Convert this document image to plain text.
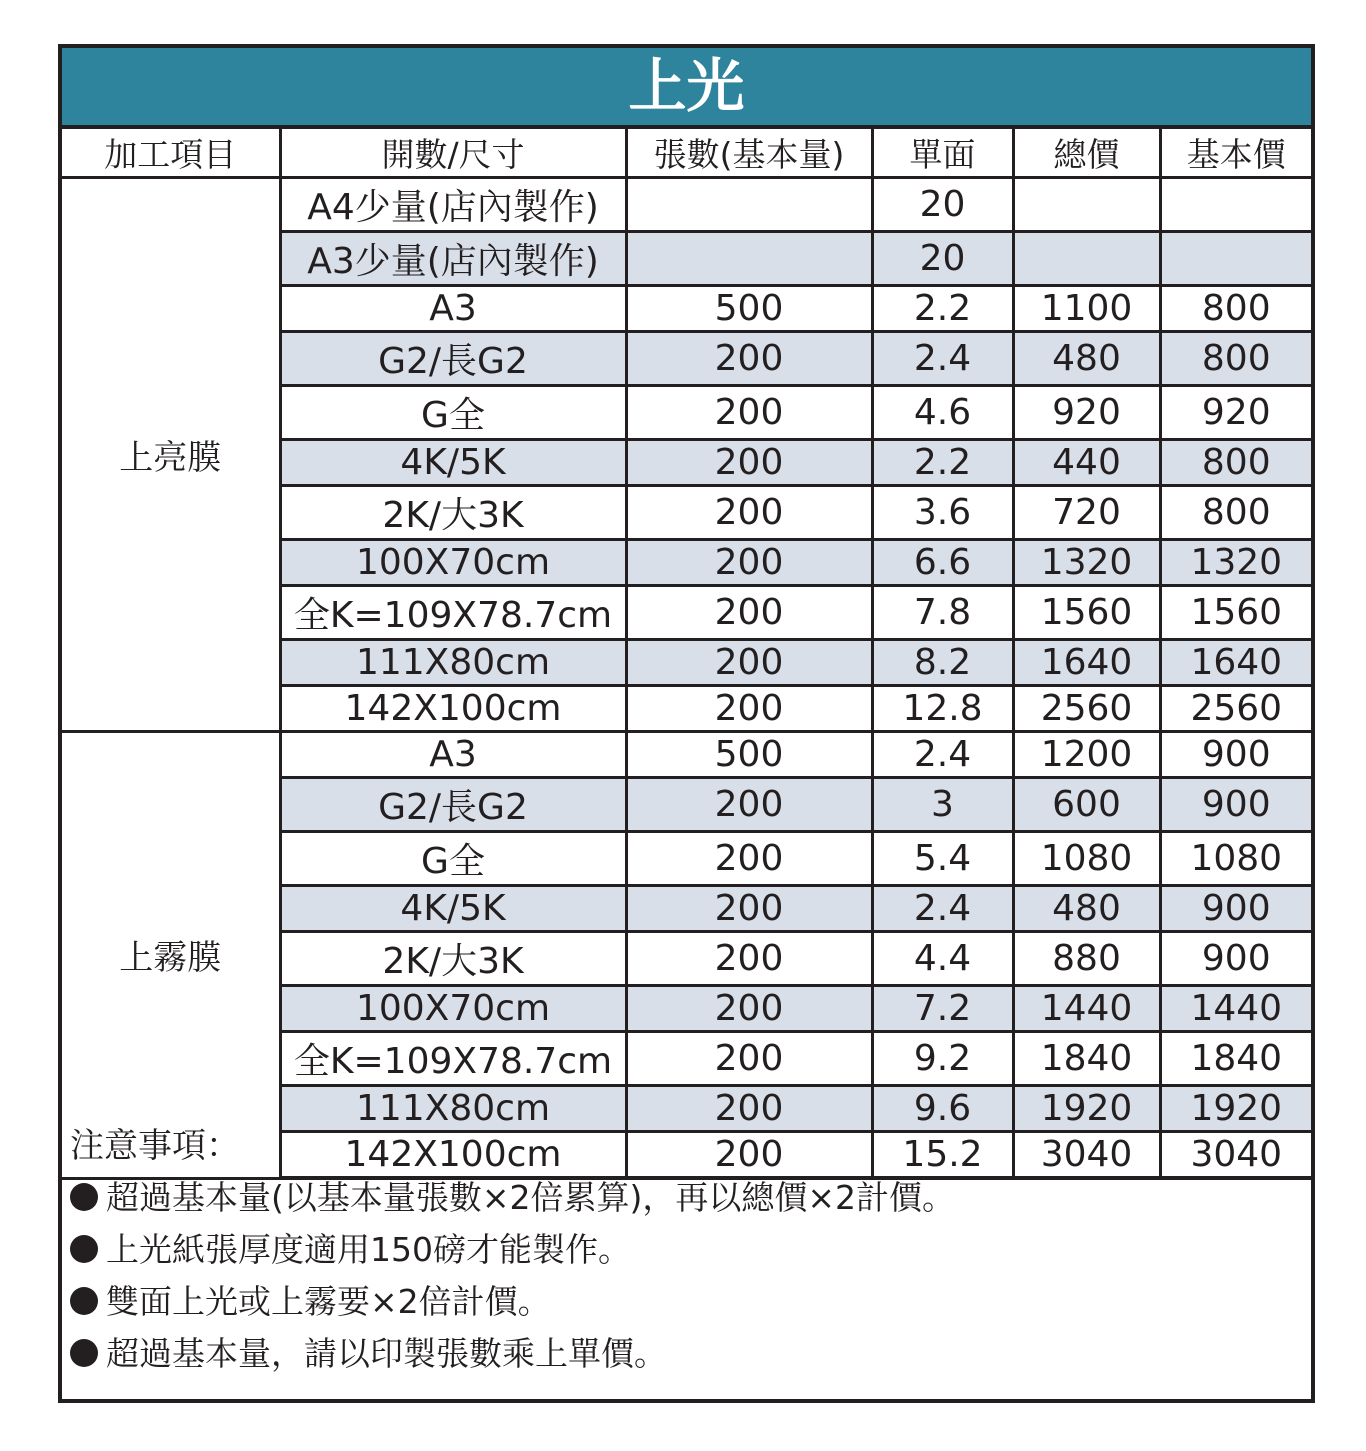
上光
加工項目	開數/尺寸	張數(基本量)	單面	總價	基本價
上亮膜	A4少量(店內製作)		20		
	A3少量(店內製作)		20		
	A3	500	2.2	1100	800
	G2/長G2	200	2.4	480	800
	G全	200	4.6	920	920
	4K/5K	200	2.2	440	800
	2K/大3K	200	3.6	720	800
	100X70cm	200	6.6	1320	1320
	全K=109X78.7cm	200	7.8	1560	1560
	111X80cm	200	8.2	1640	1640
	142X100cm	200	12.8	2560	2560
上霧膜	A3	500	2.4	1200	900
	G2/長G2	200	3	600	900
	G全	200	5.4	1080	1080
	4K/5K	200	2.4	480	900
	2K/大3K	200	4.4	880	900
	100X70cm	200	7.2	1440	1440
	全K=109X78.7cm	200	9.2	1840	1840
	111X80cm	200	9.6	1920	1920
	142X100cm	200	15.2	3040	3040
注意事項：
超過基本量(以基本量張數×2倍累算)，再以總價×2計價。
上光紙張厚度適用150磅才能製作。
雙面上光或上霧要×2倍計價。
超過基本量，請以印製張數乘上單價。
